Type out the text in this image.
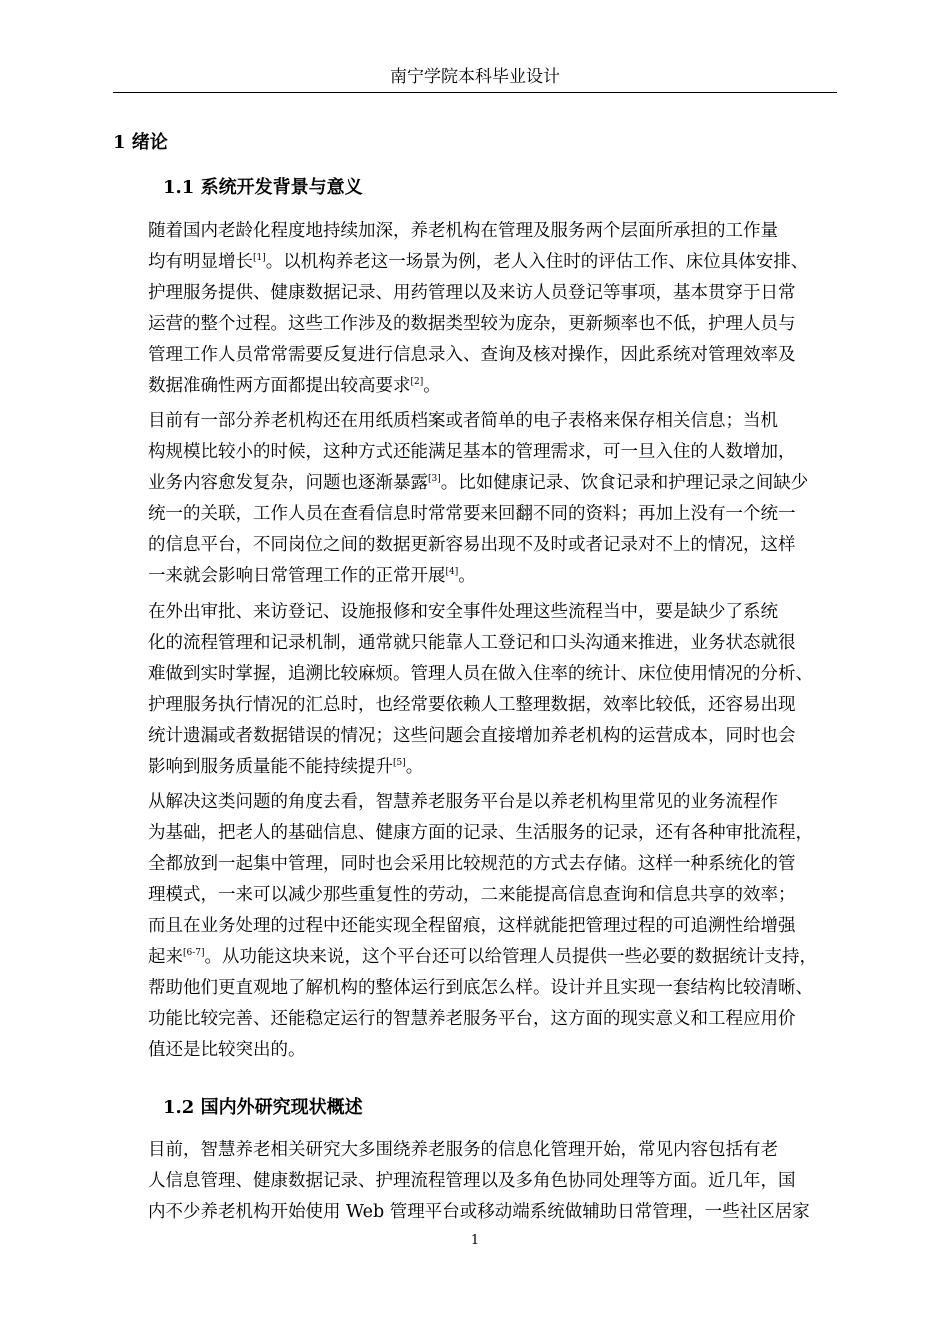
南宁学院本科毕业设计
1 绪论
1.1 系统开发背景与意义

随着国内老龄化程度地持续加深，养老机构在管理及服务两个层面所承担的工作量
均有明显增长[1]。以机构养老这一场景为例，老人入住时的评估工作、床位具体安排、
护理服务提供、健康数据记录、用药管理以及来访人员登记等事项，基本贯穿于日常
运营的整个过程。这些工作涉及的数据类型较为庞杂，更新频率也不低，护理人员与
管理工作人员常常需要反复进行信息录入、查询及核对操作，因此系统对管理效率及
数据准确性两方面都提出较高要求[2]。

目前有一部分养老机构还在用纸质档案或者简单的电子表格来保存相关信息；当机
构规模比较小的时候，这种方式还能满足基本的管理需求，可一旦入住的人数增加，
业务内容愈发复杂，问题也逐渐暴露[3]。比如健康记录、饮食记录和护理记录之间缺少
统一的关联，工作人员在查看信息时常常要来回翻不同的资料；再加上没有一个统一
的信息平台，不同岗位之间的数据更新容易出现不及时或者记录对不上的情况，这样
一来就会影响日常管理工作的正常开展[4]。

在外出审批、来访登记、设施报修和安全事件处理这些流程当中，要是缺少了系统
化的流程管理和记录机制，通常就只能靠人工登记和口头沟通来推进，业务状态就很
难做到实时掌握，追溯比较麻烦。管理人员在做入住率的统计、床位使用情况的分析、
护理服务执行情况的汇总时，也经常要依赖人工整理数据，效率比较低，还容易出现
统计遗漏或者数据错误的情况；这些问题会直接增加养老机构的运营成本，同时也会
影响到服务质量能不能持续提升[5]。

从解决这类问题的角度去看，智慧养老服务平台是以养老机构里常见的业务流程作
为基础，把老人的基础信息、健康方面的记录、生活服务的记录，还有各种审批流程，
全都放到一起集中管理，同时也会采用比较规范的方式去存储。这样一种系统化的管
理模式，一来可以减少那些重复性的劳动，二来能提高信息查询和信息共享的效率；
而且在业务处理的过程中还能实现全程留痕，这样就能把管理过程的可追溯性给增强
起来[6-7]。从功能这块来说，这个平台还可以给管理人员提供一些必要的数据统计支持，
帮助他们更直观地了解机构的整体运行到底怎么样。设计并且实现一套结构比较清晰、
功能比较完善、还能稳定运行的智慧养老服务平台，这方面的现实意义和工程应用价
值还是比较突出的。

1.2 国内外研究现状概述

目前，智慧养老相关研究大多围绕养老服务的信息化管理开始，常见内容包括有老
人信息管理、健康数据记录、护理流程管理以及多角色协同处理等方面。近几年，国
内不少养老机构开始使用 Web 管理平台或移动端系统做辅助日常管理，一些社区居家

1
